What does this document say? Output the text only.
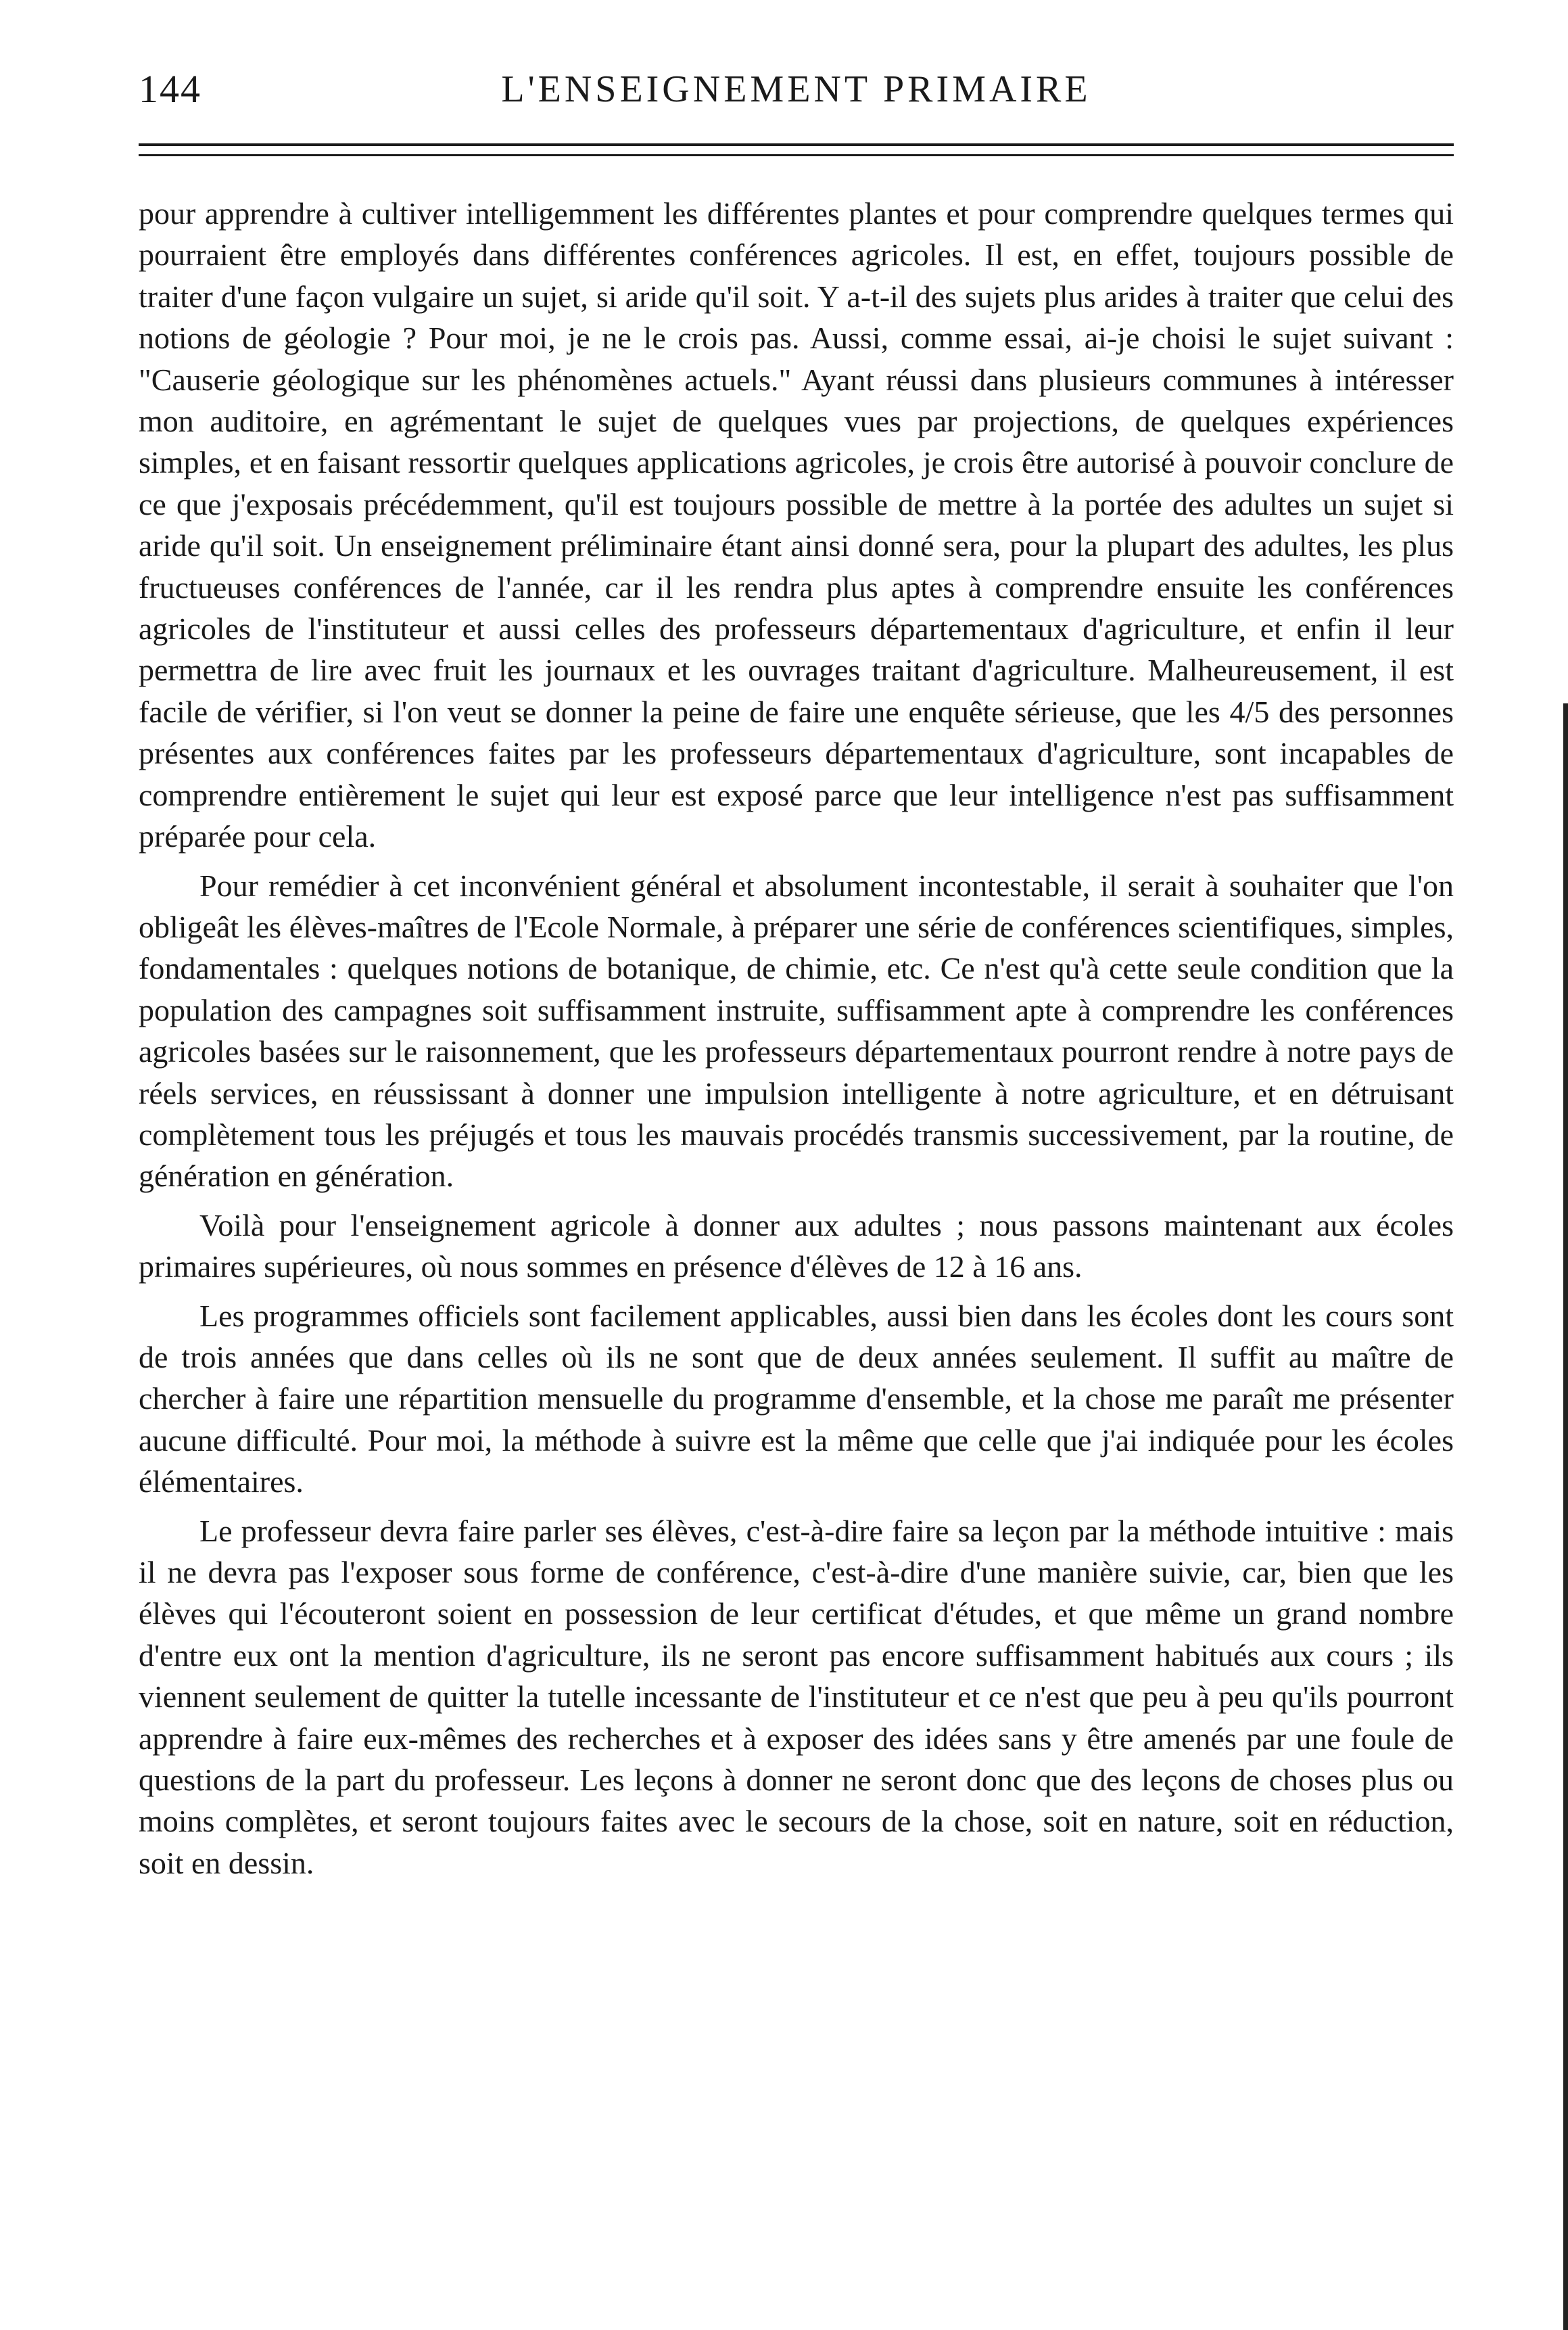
144	L'ENSEIGNEMENT PRIMAIRE

pour apprendre à cultiver intelligemment les différentes plantes et pour comprendre quelques termes qui pourraient être employés dans différentes conférences agricoles. Il est, en effet, toujours possible de traiter d'une façon vulgaire un sujet, si aride qu'il soit. Y a-t-il des sujets plus arides à traiter que celui des notions de géologie ? Pour moi, je ne le crois pas. Aussi, comme essai, ai-je choisi le sujet suivant : "Causerie géologique sur les phénomènes actuels." Ayant réussi dans plusieurs communes à intéresser mon auditoire, en agrémentant le sujet de quelques vues par projections, de quelques expériences simples, et en faisant ressortir quelques applications agricoles, je crois être autorisé à pouvoir conclure de ce que j'exposais précédemment, qu'il est toujours possible de mettre à la portée des adultes un sujet si aride qu'il soit. Un enseignement préliminaire étant ainsi donné sera, pour la plupart des adultes, les plus fructueuses conférences de l'année, car il les rendra plus aptes à comprendre ensuite les conférences agricoles de l'instituteur et aussi celles des professeurs départementaux d'agriculture, et enfin il leur permettra de lire avec fruit les journaux et les ouvrages traitant d'agriculture. Malheureusement, il est facile de vérifier, si l'on veut se donner la peine de faire une enquête sérieuse, que les 4/5 des personnes présentes aux conférences faites par les professeurs départementaux d'agriculture, sont incapables de comprendre entièrement le sujet qui leur est exposé parce que leur intelligence n'est pas suffisamment préparée pour cela.

Pour remédier à cet inconvénient général et absolument incontestable, il serait à souhaiter que l'on obligeât les élèves-maîtres de l'Ecole Normale, à préparer une série de conférences scientifiques, simples, fondamentales : quelques notions de botanique, de chimie, etc. Ce n'est qu'à cette seule condition que la population des campagnes soit suffisamment instruite, suffisamment apte à comprendre les conférences agricoles basées sur le raisonnement, que les professeurs départementaux pourront rendre à notre pays de réels services, en réussissant à donner une impulsion intelligente à notre agriculture, et en détruisant complètement tous les préjugés et tous les mauvais procédés transmis successivement, par la routine, de génération en génération.

Voilà pour l'enseignement agricole à donner aux adultes ; nous passons maintenant aux écoles primaires supérieures, où nous sommes en présence d'élèves de 12 à 16 ans.

Les programmes officiels sont facilement applicables, aussi bien dans les écoles dont les cours sont de trois années que dans celles où ils ne sont que de deux années seulement. Il suffit au maître de chercher à faire une répartition mensuelle du programme d'ensemble, et la chose me paraît me présenter aucune difficulté. Pour moi, la méthode à suivre est la même que celle que j'ai indiquée pour les écoles élémentaires.

Le professeur devra faire parler ses élèves, c'est-à-dire faire sa leçon par la méthode intuitive : mais il ne devra pas l'exposer sous forme de conférence, c'est-à-dire d'une manière suivie, car, bien que les élèves qui l'écouteront soient en possession de leur certificat d'études, et que même un grand nombre d'entre eux ont la mention d'agriculture, ils ne seront pas encore suffisamment habitués aux cours ; ils viennent seulement de quitter la tutelle incessante de l'instituteur et ce n'est que peu à peu qu'ils pourront apprendre à faire eux-mêmes des recherches et à exposer des idées sans y être amenés par une foule de questions de la part du professeur. Les leçons à donner ne seront donc que des leçons de choses plus ou moins complètes, et seront toujours faites avec le secours de la chose, soit en nature, soit en réduction, soit en dessin.
